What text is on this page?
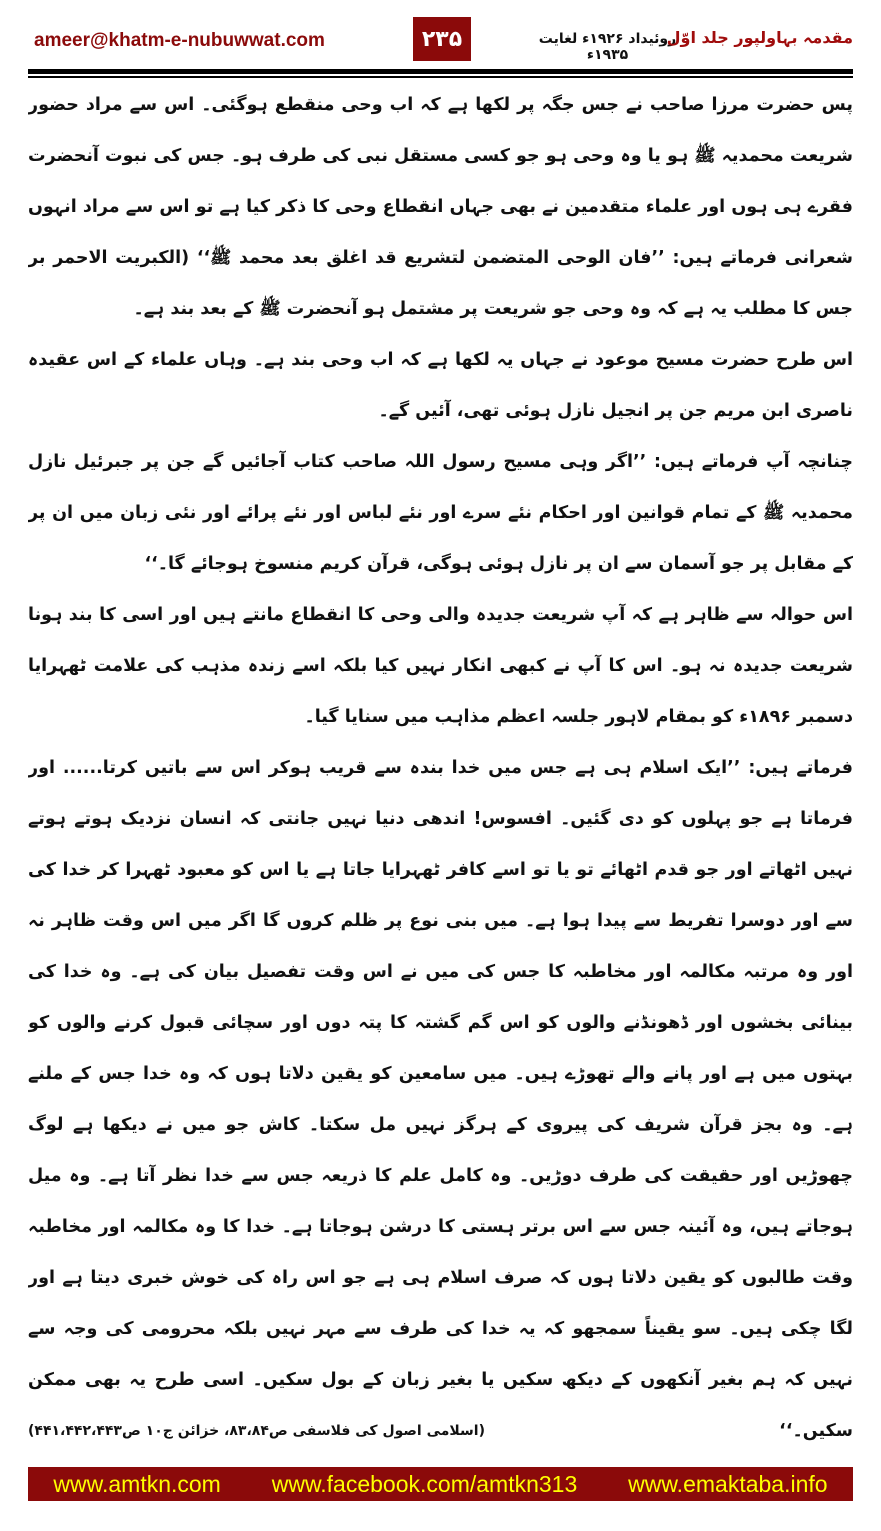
ameer@khatm-e-nubuwwat.com	۲۳۵	روئیداد ۱۹۲۶ء لغایت ۱۹۳۵ء
مقدمہ بہاولپور جلد اوّل
پس حضرت مرزا صاحب نے جس جگہ پر لکھا ہے کہ اب وحی منقطع ہوگئی۔ اس سے مراد حضور
شریعت محمدیہ ﷺ ہو یا وہ وحی ہو جو کسی مستقل نبی کی طرف ہو۔ جس کی نبوت آنحضرت
فقرے ہی ہوں اور علماء متقدمین نے بھی جہاں انقطاع وحی کا ذکر کیا ہے تو اس سے مراد انہوں
شعرانی فرماتے ہیں: ’’فان الوحی المتضمن لتشریع قد اغلق بعد محمد ﷺ‘‘ (الکبریت الاحمر بر
جس کا مطلب یہ ہے کہ وہ وحی جو شریعت پر مشتمل ہو آنحضرت ﷺ کے بعد بند ہے۔
اس طرح حضرت مسیح موعود نے جہاں یہ لکھا ہے کہ اب وحی بند ہے۔ وہاں علماء کے اس عقیدہ
ناصری ابن مریم جن پر انجیل نازل ہوئی تھی، آئیں گے۔
چنانچہ آپ فرماتے ہیں: ’’اگر وہی مسیح رسول اللہ صاحب کتاب آجائیں گے جن پر جبرئیل نازل
محمدیہ ﷺ کے تمام قوانین اور احکام نئے سرے اور نئے لباس اور نئے پرائے اور نئی زبان میں ان پر
کے مقابل پر جو آسمان سے ان پر نازل ہوئی ہوگی، قرآن کریم منسوخ ہوجائے گا۔‘‘
اس حوالہ سے ظاہر ہے کہ آپ شریعت جدیدہ والی وحی کا انقطاع مانتے ہیں اور اسی کا بند ہونا
شریعت جدیدہ نہ ہو۔ اس کا آپ نے کبھی انکار نہیں کیا بلکہ اسے زندہ مذہب کی علامت ٹھہرایا
دسمبر ۱۸۹۶ء کو بمقام لاہور جلسہ اعظم مذاہب میں سنایا گیا۔
فرماتے ہیں: ’’ایک اسلام ہی ہے جس میں خدا بندہ سے قریب ہوکر اس سے باتیں کرتا...... اور
فرماتا ہے جو پہلوں کو دی گئیں۔ افسوس! اندھی دنیا نہیں جانتی کہ انسان نزدیک ہوتے ہوتے
نہیں اٹھاتے اور جو قدم اٹھائے تو یا تو اسے کافر ٹھہرایا جاتا ہے یا اس کو معبود ٹھہرا کر خدا کی
سے اور دوسرا تفریط سے پیدا ہوا ہے۔ میں بنی نوع پر ظلم کروں گا اگر میں اس وقت ظاہر نہ
اور وہ مرتبہ مکالمہ اور مخاطبہ کا جس کی میں نے اس وقت تفصیل بیان کی ہے۔ وہ خدا کی
بینائی بخشوں اور ڈھونڈنے والوں کو اس گم گشتہ کا پتہ دوں اور سچائی قبول کرنے والوں کو
بہتوں میں ہے اور پانے والے تھوڑے ہیں۔ میں سامعین کو یقین دلاتا ہوں کہ وہ خدا جس کے ملنے
ہے۔ وہ بجز قرآن شریف کی پیروی کے ہرگز نہیں مل سکتا۔ کاش جو میں نے دیکھا ہے لوگ
چھوڑیں اور حقیقت کی طرف دوڑیں۔ وہ کامل علم کا ذریعہ جس سے خدا نظر آتا ہے۔ وہ میل
ہوجاتے ہیں، وہ آئینہ جس سے اس برتر ہستی کا درشن ہوجاتا ہے۔ خدا کا وہ مکالمہ اور مخاطبہ
وقت طالبوں کو یقین دلاتا ہوں کہ صرف اسلام ہی ہے جو اس راہ کی خوش خبری دیتا ہے اور
لگا چکی ہیں۔ سو یقیناً سمجھو کہ یہ خدا کی طرف سے مہر نہیں بلکہ محرومی کی وجہ سے
نہیں کہ ہم بغیر آنکھوں کے دیکھ سکیں یا بغیر زبان کے بول سکیں۔ اسی طرح یہ بھی ممکن
سکیں۔‘‘
(اسلامی اصول کی فلاسفی ص۸۳،۸۴، خزائن ج۱۰ ص۴۴۱،۴۴۲،۴۴۳)
www.amtkn.com www.facebook.com/amtkn313 www.emaktaba.info
